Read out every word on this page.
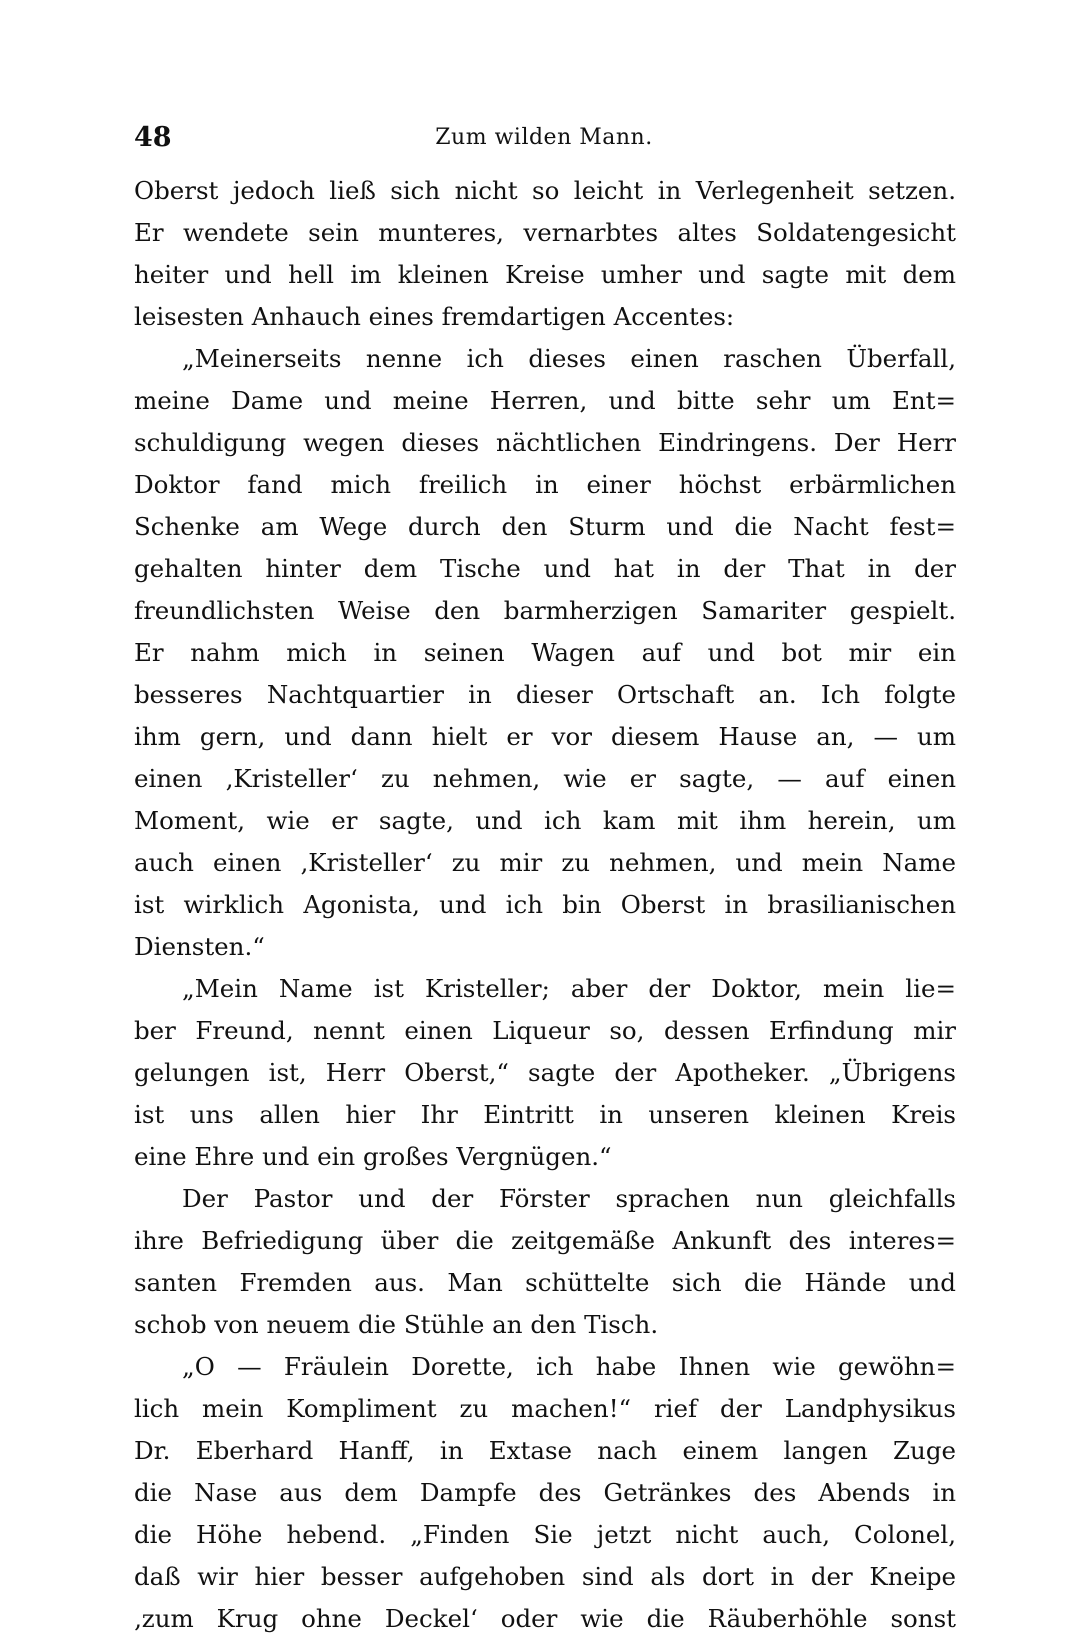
48	Zum wilden Mann.
Oberst jedoch ließ sich nicht so leicht in Verlegenheit setzen.
Er wendete sein munteres, vernarbtes altes Soldatengesicht
heiter und hell im kleinen Kreise umher und sagte mit dem
leisesten Anhauch eines fremdartigen Accentes:
„Meinerseits nenne ich dieses einen raschen Überfall,
meine Dame und meine Herren, und bitte sehr um Ent=
schuldigung wegen dieses nächtlichen Eindringens. Der Herr
Doktor fand mich freilich in einer höchst erbärmlichen
Schenke am Wege durch den Sturm und die Nacht fest=
gehalten hinter dem Tische und hat in der That in der
freundlichsten Weise den barmherzigen Samariter gespielt.
Er nahm mich in seinen Wagen auf und bot mir ein
besseres Nachtquartier in dieser Ortschaft an. Ich folgte
ihm gern, und dann hielt er vor diesem Hause an, — um
einen ‚Kristeller‘ zu nehmen, wie er sagte, — auf einen
Moment, wie er sagte, und ich kam mit ihm herein, um
auch einen ‚Kristeller‘ zu mir zu nehmen, und mein Name
ist wirklich Agonista, und ich bin Oberst in brasilianischen
Diensten.“
„Mein Name ist Kristeller; aber der Doktor, mein lie=
ber Freund, nennt einen Liqueur so, dessen Erfindung mir
gelungen ist, Herr Oberst,“ sagte der Apotheker. „Übrigens
ist uns allen hier Ihr Eintritt in unseren kleinen Kreis
eine Ehre und ein großes Vergnügen.“
Der Pastor und der Förster sprachen nun gleichfalls
ihre Befriedigung über die zeitgemäße Ankunft des interes=
santen Fremden aus. Man schüttelte sich die Hände und
schob von neuem die Stühle an den Tisch.
„O — Fräulein Dorette, ich habe Ihnen wie gewöhn=
lich mein Kompliment zu machen!“ rief der Landphysikus
Dr. Eberhard Hanff, in Extase nach einem langen Zuge
die Nase aus dem Dampfe des Getränkes des Abends in
die Höhe hebend. „Finden Sie jetzt nicht auch, Colonel,
daß wir hier besser aufgehoben sind als dort in der Kneipe
‚zum Krug ohne Deckel‘ oder wie die Räuberhöhle sonst
